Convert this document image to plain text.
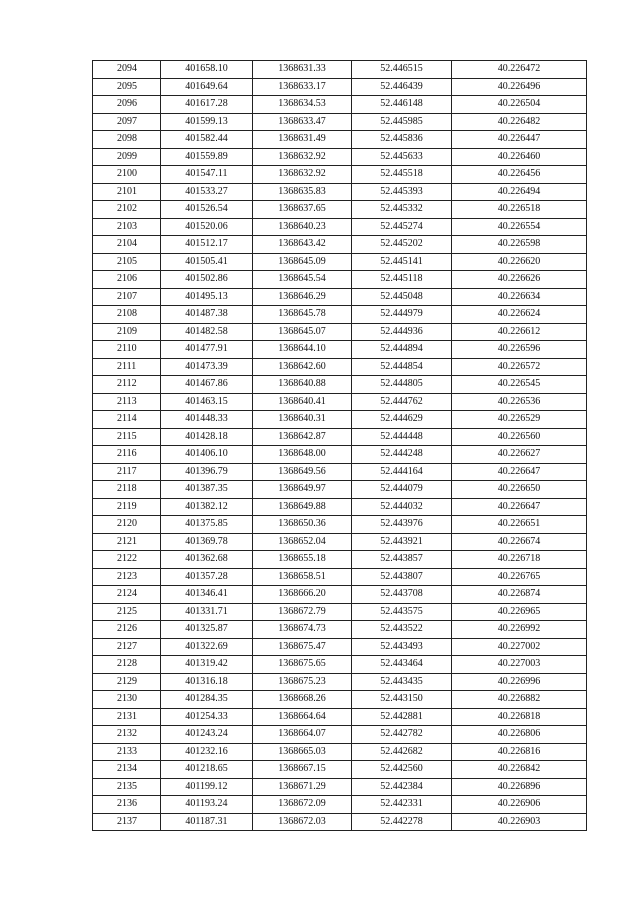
2094	401658.10	1368631.33	52.446515	40.226472
2095	401649.64	1368633.17	52.446439	40.226496
2096	401617.28	1368634.53	52.446148	40.226504
2097	401599.13	1368633.47	52.445985	40.226482
2098	401582.44	1368631.49	52.445836	40.226447
2099	401559.89	1368632.92	52.445633	40.226460
2100	401547.11	1368632.92	52.445518	40.226456
2101	401533.27	1368635.83	52.445393	40.226494
2102	401526.54	1368637.65	52.445332	40.226518
2103	401520.06	1368640.23	52.445274	40.226554
2104	401512.17	1368643.42	52.445202	40.226598
2105	401505.41	1368645.09	52.445141	40.226620
2106	401502.86	1368645.54	52.445118	40.226626
2107	401495.13	1368646.29	52.445048	40.226634
2108	401487.38	1368645.78	52.444979	40.226624
2109	401482.58	1368645.07	52.444936	40.226612
2110	401477.91	1368644.10	52.444894	40.226596
2111	401473.39	1368642.60	52.444854	40.226572
2112	401467.86	1368640.88	52.444805	40.226545
2113	401463.15	1368640.41	52.444762	40.226536
2114	401448.33	1368640.31	52.444629	40.226529
2115	401428.18	1368642.87	52.444448	40.226560
2116	401406.10	1368648.00	52.444248	40.226627
2117	401396.79	1368649.56	52.444164	40.226647
2118	401387.35	1368649.97	52.444079	40.226650
2119	401382.12	1368649.88	52.444032	40.226647
2120	401375.85	1368650.36	52.443976	40.226651
2121	401369.78	1368652.04	52.443921	40.226674
2122	401362.68	1368655.18	52.443857	40.226718
2123	401357.28	1368658.51	52.443807	40.226765
2124	401346.41	1368666.20	52.443708	40.226874
2125	401331.71	1368672.79	52.443575	40.226965
2126	401325.87	1368674.73	52.443522	40.226992
2127	401322.69	1368675.47	52.443493	40.227002
2128	401319.42	1368675.65	52.443464	40.227003
2129	401316.18	1368675.23	52.443435	40.226996
2130	401284.35	1368668.26	52.443150	40.226882
2131	401254.33	1368664.64	52.442881	40.226818
2132	401243.24	1368664.07	52.442782	40.226806
2133	401232.16	1368665.03	52.442682	40.226816
2134	401218.65	1368667.15	52.442560	40.226842
2135	401199.12	1368671.29	52.442384	40.226896
2136	401193.24	1368672.09	52.442331	40.226906
2137	401187.31	1368672.03	52.442278	40.226903
